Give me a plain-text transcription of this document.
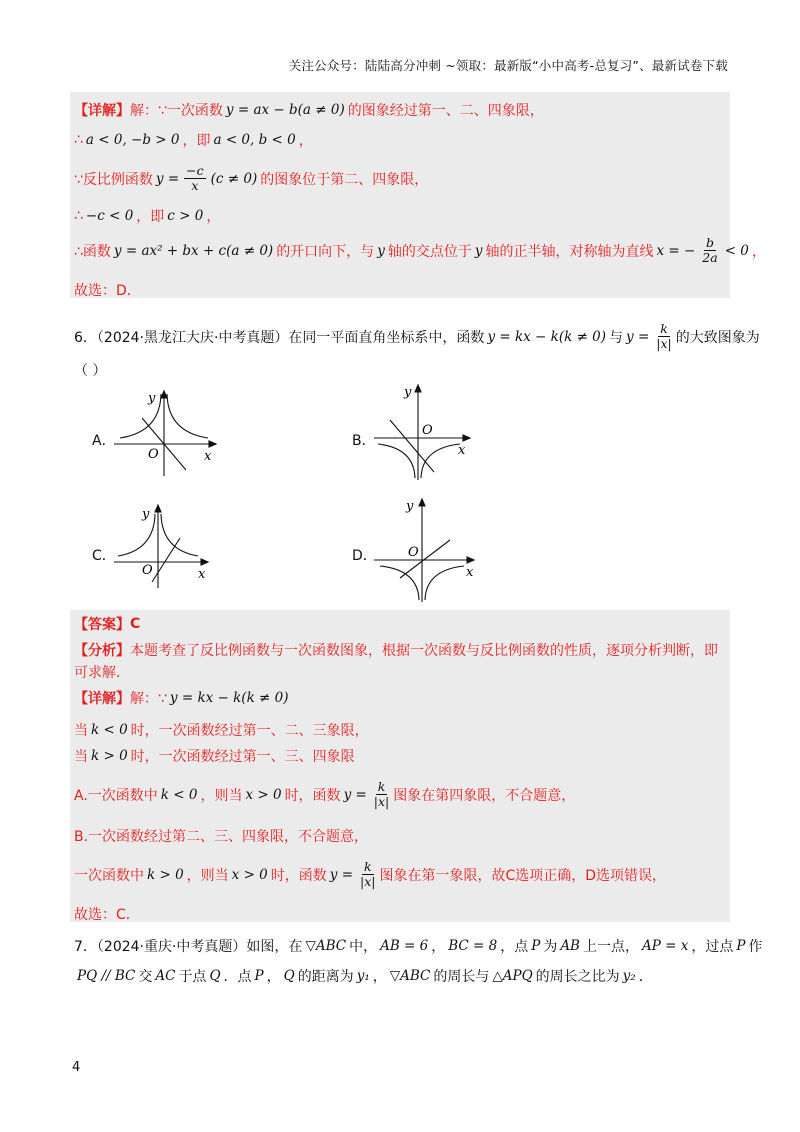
关注公众号：陆陆高分冲刺 ~领取：最新版“小中高考-总复习”、最新试卷下载
【详解】 解：∵一次函数 y = ax − b(a ≠ 0) 的图象经过第一、二、四象限，
∴ a < 0, −b > 0 ，即 a < 0, b < 0 ，
∵反比例函数 $y = \frac{-c}{x} (c \ne 0)$ 的图象位于第二、四象限，
∴ −c < 0 ，即 c > 0 ，
∴函数 y = ax² + bx + c(a ≠ 0) 的开口向下，与 y 轴的交点位于 y 轴的正半轴，对称轴为直线 x = − $\frac{b}{2a} < 0$ ，
故选：D．
6．（2024·黑龙江大庆·中考真题）在同一平面直角坐标系中，函数 y = kx − k(k ≠ 0) 与 $y = \frac{k}{|x|}$ 的大致图象为
（ ）
A．	B．
C．	D．
y
x
O
y
x
O
y
x
O
y
x
O
【答案】 C
【分析】 本题考查了反比例函数与一次函数图象，根据一次函数与反比例函数的性质，逐项分析判断，即
可求解．
【详解】 解：∵ y = kx − k(k ≠ 0)
当 k < 0 时，一次函数经过第一、二、三象限，
当 k > 0 时，一次函数经过第一、三、四象限
A.一次函数中 k < 0 ，则当 x > 0 时，函数 $y = \frac{k}{|x|}$ 图象在第四象限，不合题意，
B.一次函数经过第二、三、四象限，不合题意，
一次函数中 k > 0 ，则当 x > 0 时，函数 $y = \frac{k}{|x|}$ 图象在第一象限，故C选项正确，D选项错误，
故选：C．
7．（2024·重庆·中考真题）如图，在 ▽ABC 中， AB = 6 ， BC = 8 ，点 P 为 AB 上一点， AP = x ，过点 P 作
PQ // BC 交 AC 于点 Q ．点 P ， Q 的距离为 y₁ ， ▽ABC 的周长与 △APQ 的周长之比为 y₂ ．
4
